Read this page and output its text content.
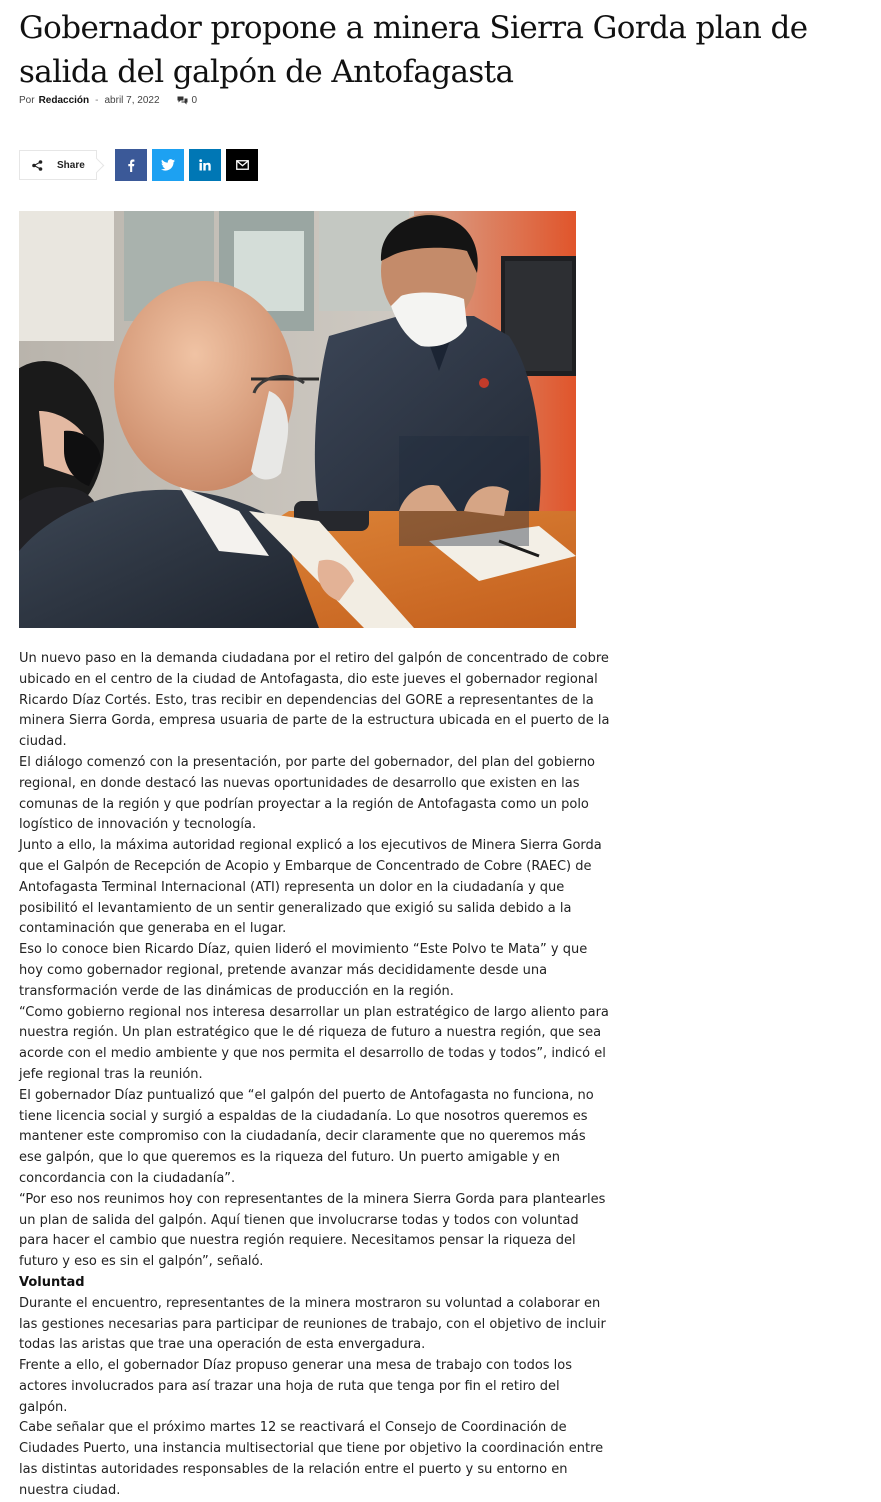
Gobernador propone a minera Sierra Gorda plan de salida del galpón de Antofagasta
Por Redacción - abril 7, 2022	0
Share

Un nuevo paso en la demanda ciudadana por el retiro del galpón de concentrado de cobre ubicado en el centro de la ciudad de Antofagasta, dio este jueves el gobernador regional Ricardo Díaz Cortés. Esto, tras recibir en dependencias del GORE a representantes de la minera Sierra Gorda, empresa usuaria de parte de la estructura ubicada en el puerto de la ciudad.

El diálogo comenzó con la presentación, por parte del gobernador, del plan del gobierno regional, en donde destacó las nuevas oportunidades de desarrollo que existen en las comunas de la región y que podrían proyectar a la región de Antofagasta como un polo logístico de innovación y tecnología.

Junto a ello, la máxima autoridad regional explicó a los ejecutivos de Minera Sierra Gorda que el Galpón de Recepción de Acopio y Embarque de Concentrado de Cobre (RAEC) de Antofagasta Terminal Internacional (ATI) representa un dolor en la ciudadanía y que posibilitó el levantamiento de un sentir generalizado que exigió su salida debido a la contaminación que generaba en el lugar.

Eso lo conoce bien Ricardo Díaz, quien lideró el movimiento “Este Polvo te Mata” y que hoy como gobernador regional, pretende avanzar más decididamente desde una transformación verde de las dinámicas de producción en la región.

“Como gobierno regional nos interesa desarrollar un plan estratégico de largo aliento para nuestra región. Un plan estratégico que le dé riqueza de futuro a nuestra región, que sea acorde con el medio ambiente y que nos permita el desarrollo de todas y todos”, indicó el jefe regional tras la reunión.

El gobernador Díaz puntualizó que “el galpón del puerto de Antofagasta no funciona, no tiene licencia social y surgió a espaldas de la ciudadanía. Lo que nosotros queremos es mantener este compromiso con la ciudadanía, decir claramente que no queremos más ese galpón, que lo que queremos es la riqueza del futuro. Un puerto amigable y en concordancia con la ciudadanía”.

“Por eso nos reunimos hoy con representantes de la minera Sierra Gorda para plantearles un plan de salida del galpón. Aquí tienen que involucrarse todas y todos con voluntad para hacer el cambio que nuestra región requiere. Necesitamos pensar la riqueza del futuro y eso es sin el galpón”, señaló.

Voluntad

Durante el encuentro, representantes de la minera mostraron su voluntad a colaborar en las gestiones necesarias para participar de reuniones de trabajo, con el objetivo de incluir todas las aristas que trae una operación de esta envergadura.

Frente a ello, el gobernador Díaz propuso generar una mesa de trabajo con todos los actores involucrados para así trazar una hoja de ruta que tenga por fin el retiro del galpón.

Cabe señalar que el próximo martes 12 se reactivará el Consejo de Coordinación de Ciudades Puerto, una instancia multisectorial que tiene por objetivo la coordinación entre las distintas autoridades responsables de la relación entre el puerto y su entorno en nuestra ciudad.
